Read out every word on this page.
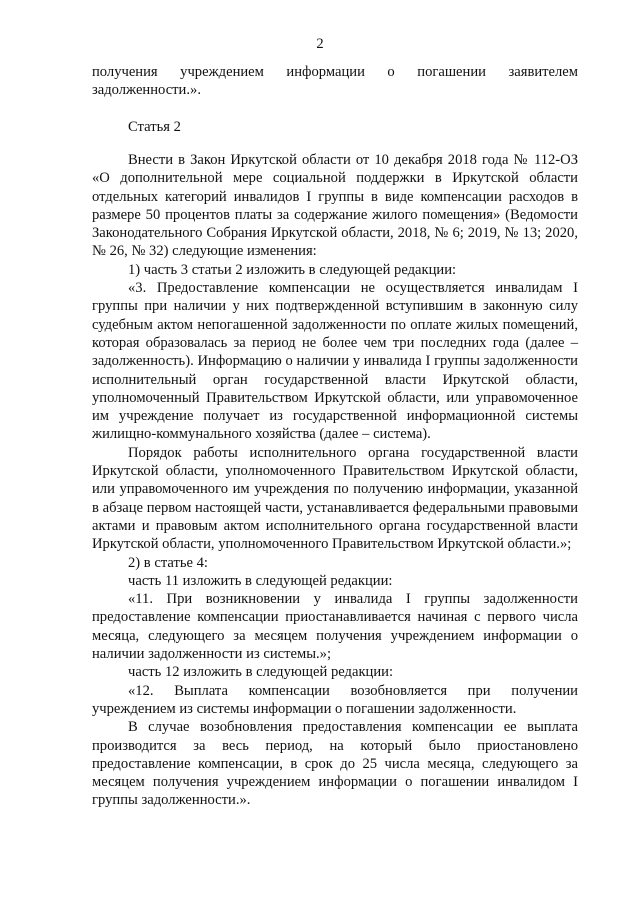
2

получения учреждением информации о погашении заявителем задолженности.».

Статья 2

Внести в Закон Иркутской области от 10 декабря 2018 года № 112-ОЗ «О дополнительной мере социальной поддержки в Иркутской области отдельных категорий инвалидов I группы в виде компенсации расходов в размере 50 процентов платы за содержание жилого помещения» (Ведомости Законодательного Собрания Иркутской области, 2018, № 6; 2019, № 13; 2020, № 26, № 32) следующие изменения:

1) часть 3 статьи 2 изложить в следующей редакции:

«3. Предоставление компенсации не осуществляется инвалидам I группы при наличии у них подтвержденной вступившим в законную силу судебным актом непогашенной задолженности по оплате жилых помещений, которая образовалась за период не более чем три последних года (далее – задолженность). Информацию о наличии у инвалида I группы задолженности исполнительный орган государственной власти Иркутской области, уполномоченный Правительством Иркутской области, или управомоченное им учреждение получает из государственной информационной системы жилищно-коммунального хозяйства (далее – система).

Порядок работы исполнительного органа государственной власти Иркутской области, уполномоченного Правительством Иркутской области, или управомоченного им учреждения по получению информации, указанной в абзаце первом настоящей части, устанавливается федеральными правовыми актами и правовым актом исполнительного органа государственной власти Иркутской области, уполномоченного Правительством Иркутской области.»;

2) в статье 4:

часть 11 изложить в следующей редакции:

«11. При возникновении у инвалида I группы задолженности предоставление компенсации приостанавливается начиная с первого числа месяца, следующего за месяцем получения учреждением информации о наличии задолженности из системы.»;

часть 12 изложить в следующей редакции:

«12. Выплата компенсации возобновляется при получении учреждением из системы информации о погашении задолженности.

В случае возобновления предоставления компенсации ее выплата производится за весь период, на который было приостановлено предоставление компенсации, в срок до 25 числа месяца, следующего за месяцем получения учреждением информации о погашении инвалидом I группы задолженности.».
